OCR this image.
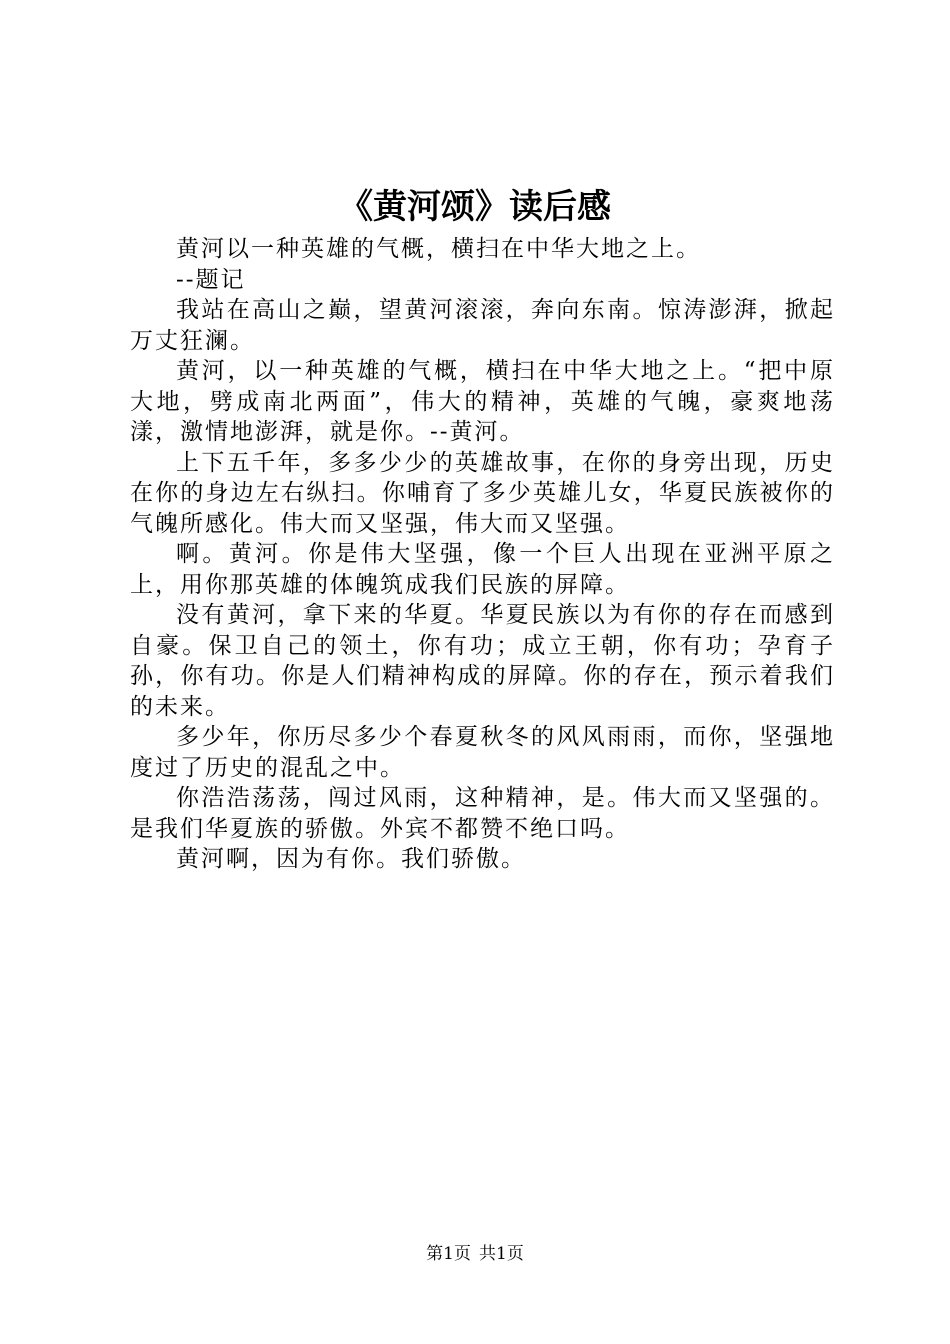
《黄河颂》读后感

黄河以一种英雄的气概，横扫在中华大地之上。

--题记

我站在高山之巅，望黄河滚滚，奔向东南。惊涛澎湃，掀起万丈狂澜。

黄河，以一种英雄的气概，横扫在中华大地之上。“把中原大地，劈成南北两面”，伟大的精神，英雄的气魄，豪爽地荡漾，激情地澎湃，就是你。--黄河。

上下五千年，多多少少的英雄故事，在你的身旁出现，历史在你的身边左右纵扫。你哺育了多少英雄儿女，华夏民族被你的气魄所感化。伟大而又坚强，伟大而又坚强。

啊。黄河。你是伟大坚强，像一个巨人出现在亚洲平原之上，用你那英雄的体魄筑成我们民族的屏障。

没有黄河，拿下来的华夏。华夏民族以为有你的存在而感到自豪。保卫自己的领土，你有功；成立王朝，你有功；孕育子孙，你有功。你是人们精神构成的屏障。你的存在，预示着我们的未来。

多少年，你历尽多少个春夏秋冬的风风雨雨，而你，坚强地度过了历史的混乱之中。

你浩浩荡荡，闯过风雨，这种精神，是。伟大而又坚强的。是我们华夏族的骄傲。外宾不都赞不绝口吗。

黄河啊，因为有你。我们骄傲。

第1页 共1页
